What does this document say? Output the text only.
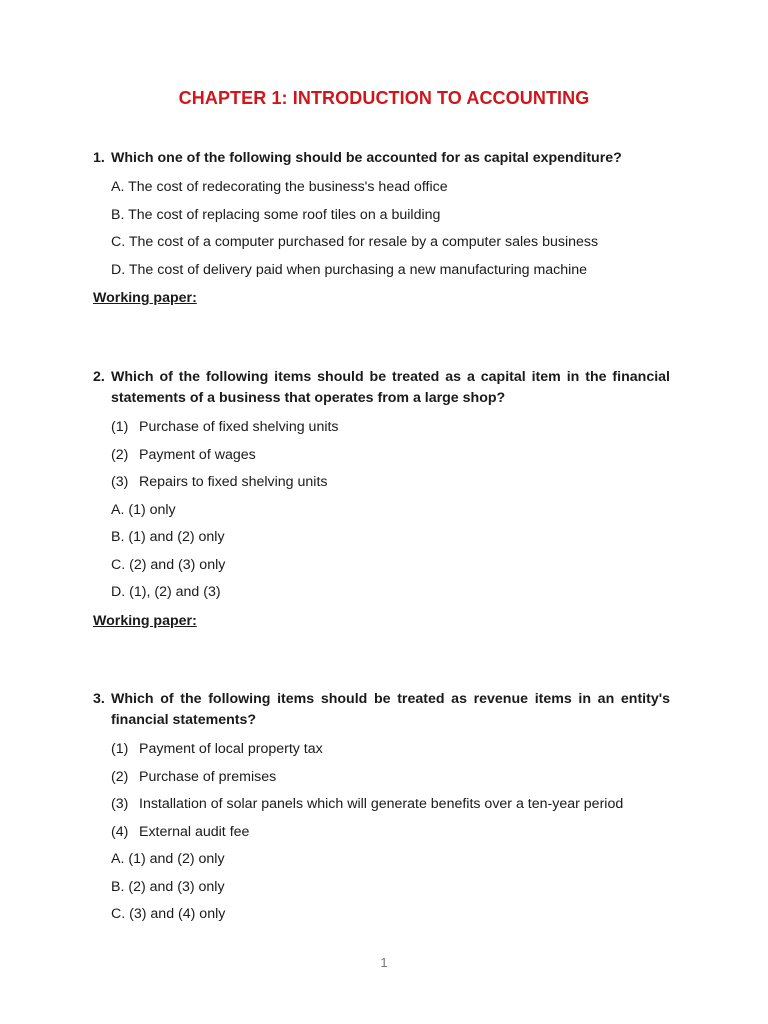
CHAPTER 1: INTRODUCTION TO ACCOUNTING
1. Which one of the following should be accounted for as capital expenditure?
A. The cost of redecorating the business's head office
B. The cost of replacing some roof tiles on a building
C. The cost of a computer purchased for resale by a computer sales business
D. The cost of delivery paid when purchasing a new manufacturing machine
Working paper:
2. Which of the following items should be treated as a capital item in the financial statements of a business that operates from a large shop?
(1) Purchase of fixed shelving units
(2) Payment of wages
(3) Repairs to fixed shelving units
A. (1) only
B. (1) and (2) only
C. (2) and (3) only
D. (1), (2) and (3)
Working paper:
3. Which of the following items should be treated as revenue items in an entity's financial statements?
(1) Payment of local property tax
(2) Purchase of premises
(3) Installation of solar panels which will generate benefits over a ten-year period
(4) External audit fee
A. (1) and (2) only
B. (2) and (3) only
C. (3) and (4) only
1
